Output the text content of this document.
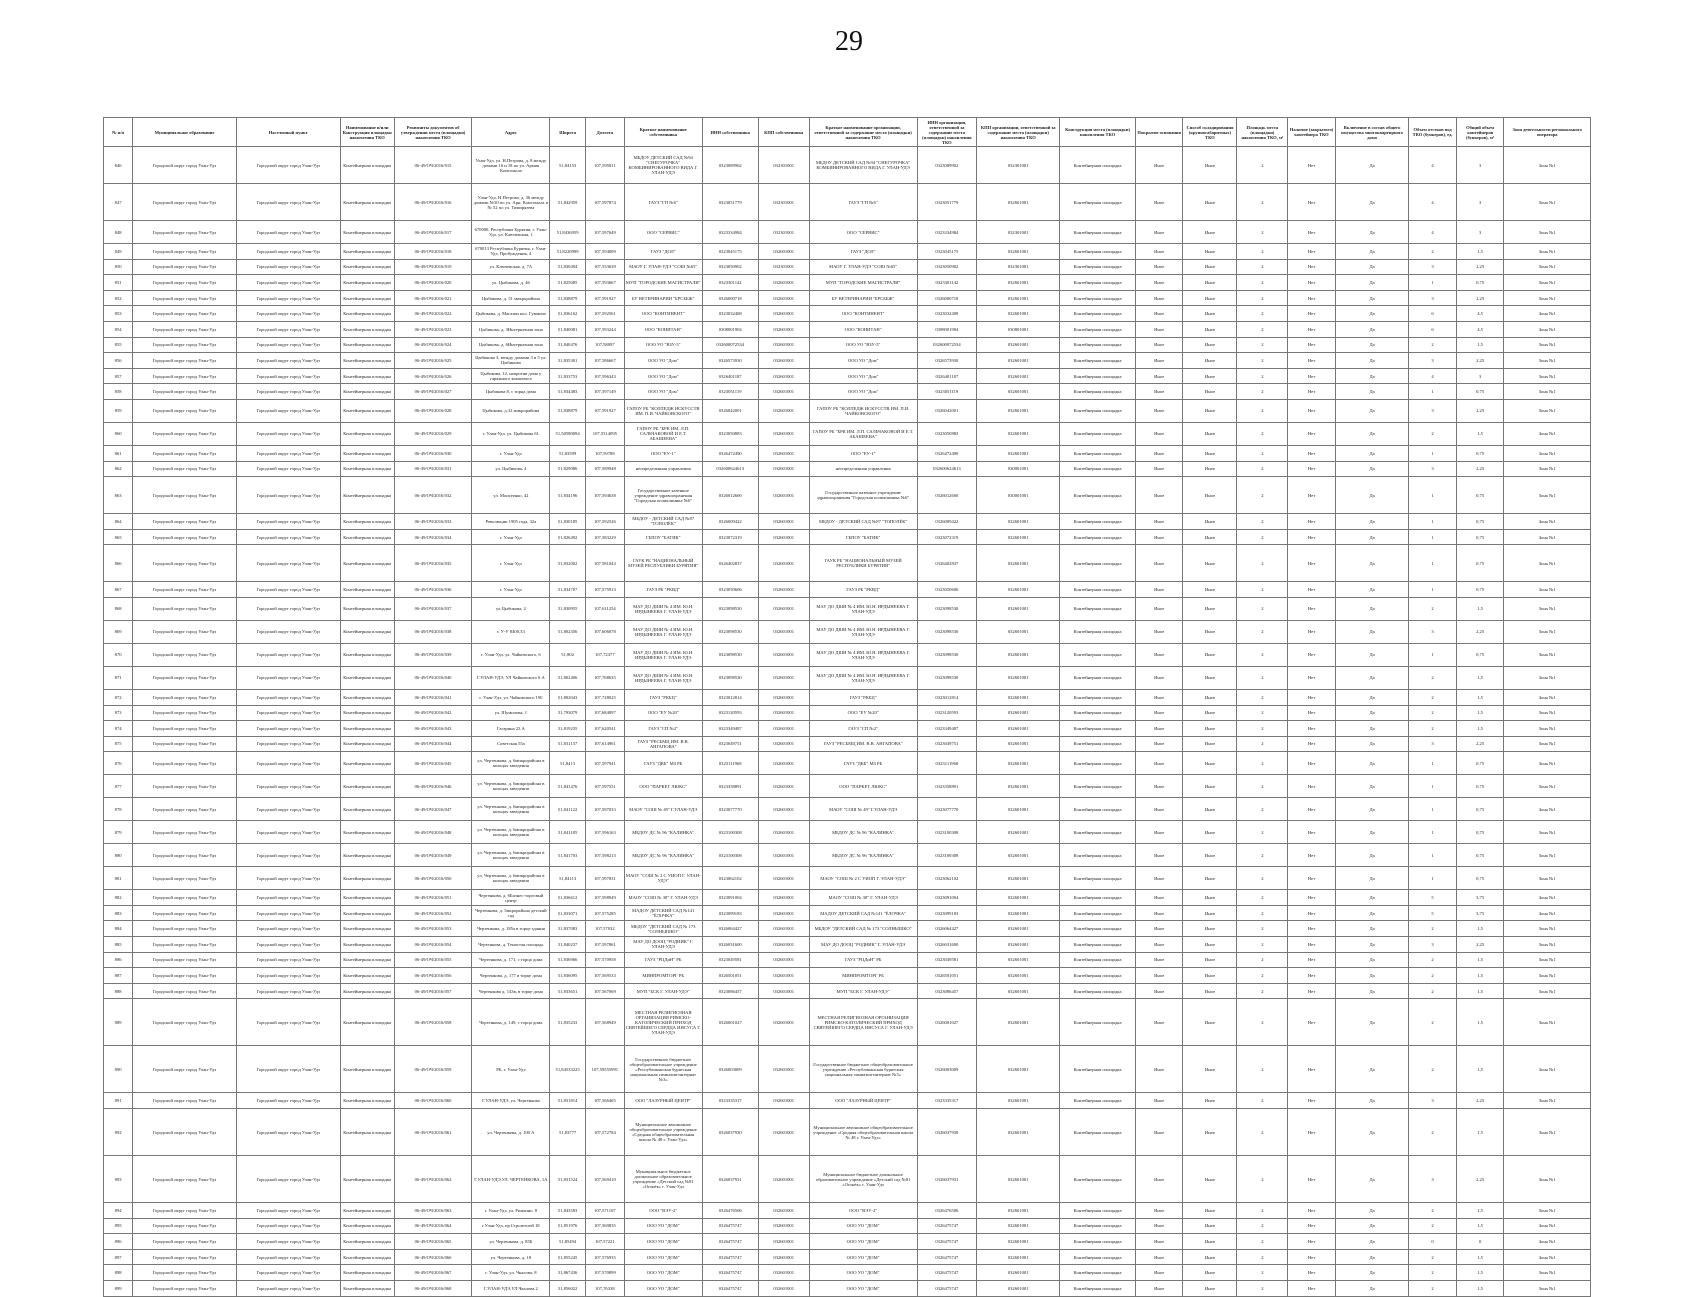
29
№ п/п	Муниципальное образование	Населенный пункт	Наименование и/или Конструкция площадки накопления ТКО	Реквизиты документов об утверждении места (площадки) накопления ТКО	Адрес	Широта	Долгота	Краткое наименование собственника	ИНН собственника	КПП собственника	Краткое наименование организации, ответственной за содержание места (площадки) накопления ТКО	ИНН организации, ответственной за содержание места (площадки) накопления ТКО	КПП организации, ответственной за содержание места (площадки) накопления ТКО	Конструкция места (площадки) накопления ТКО	Покрытие основания	Способ складирования (крупногабаритных) ТКО	Площадь места (площадки) накопления ТКО, м²	Наличие (закрытого) контейнера ТКО	Включение в состав общего имущества многоквартирного дома	Объем отсеков под ТКО (бункеров), ед.	Общий объем контейнеров (бункеров), м³	Зона деятельности регионального оператора
846	Городской округ город Улан-Удэ	Городской округ город Улан-Удэ	Контейнерная площадка	06-49/ОЧ/2016/015	Улан-Удэ, ул. Н.Петрова, д. 8 между домами 16 и 18 по ул. Армия Комсомола	51,84153	107,595811	МБДОУ ДЕТСКИЙ САД №94 "СНЕГУРОЧКА" КОМБИНИРОВАННОГО ВИДА Г. УЛАН-УДЭ	0323089902	032301001	МБДОУ ДЕТСКИЙ САД №94 "СНЕГУРОЧКА" КОМБИНИРОВАННОГО ВИДА Г. УЛАН-УДЭ	0323089902	032301001	Контейнерная площадка	Иное	Иное	2	Нет	Да	4	3	Зона №1
847	Городской округ город Улан-Удэ	Городской округ город Улан-Удэ	Контейнерная площадка	06-49/ОЧ/2016/016	Улан-Удэ, Н.Петрова, д. 36 между домами №50 по ул. Арн. Комсомола и № 52 по ул. Тимирязева	51,842959	107,597874	ГАУЗ "ГП №6"	0323051779	032301001	ГАУЗ "ГП №6"	0323051779	032601001	Контейнерная площадка	Иное	Иное	2	Нет	Да	4	3	Зона №1
848	Городской округ город Улан-Удэ	Городской округ город Улан-Удэ	Контейнерная площадка	06-49/ОЧ/2016/017	670000, Республика Бурятия, г. Улан-Удэ, ул. Ключевская, 1	51,8436959	107,597649	ООО "СЕРВИС"	0323334984	032301001	ООО "СЕРВИС"	0323334984	032301001	Контейнерная площадка	Иное	Иное	2	Нет	Да	4	3	Зона №1
849	Городской округ город Улан-Удэ	Городской округ город Улан-Удэ	Контейнерная площадка	06-49/ОЧ/2016/018	670013 Республика Бурятия, г. Улан-Удэ, Пробуждения, 4	51,8220999	107,594009	ГАУЗ "ДОЛ"	0323045175	032601001	ГАУЗ "ДОЛ"	0323045175	032601001	Контейнерная площадка	Иное	Иное	2	Нет	Да	2	1,5	Зона №1
850	Городской округ город Улан-Удэ	Городской округ город Улан-Удэ	Контейнерная площадка	06-49/ОЧ/2016/019	ул. Ключевская, д. 7А	51,830494	107,553639	МАОУ Г. УЛАН-УДЭ "СОШ №65"	0323050902	032301001	МАОУ Г. УЛАН-УДЭ "СОШ №65"	0323050902	032301001	Контейнерная площадка	Иное	Иное	2	Нет	Да	3	2,25	Зона №1
851	Городской округ город Улан-Удэ	Городской округ город Улан-Удэ	Контейнерная площадка	06-49/ОЧ/2016/020	ул. Цыбикова, д. 46	51,825085	107,593667	МУП "ГОРОДСКИЕ МАГИСТРАЛИ"	0323301142	032601001	МУП "ГОРОДСКИЕ МАГИСТРАЛИ"	0323301142	032601001	Контейнерная площадка	Иное	Иное	2	Нет	Да	1	0,75	Зона №1
852	Городской округ город Улан-Удэ	Городской округ город Улан-Удэ	Контейнерная площадка	06-49/ОЧ/2016/021	Цыбикова, д. 51 микрорайона	51,838879	107,591927	БУ ВЕТЕРИНАРИИ "БРСББЖ"	0326000718	032601001	БУ ВЕТЕРИНАРИИ "БРСББЖ"	0326000718	032601001	Контейнерная площадка	Иное	Иное	2	Нет	Да	3	2,25	Зона №1
853	Городской округ город Улан-Удэ	Городской округ город Улан-Удэ	Контейнерная площадка	06-49/ОЧ/2016/022	Цыбикова, д. Магазин кол. Гуммиле	51,836162	107,592561	ООО "КОНТИНЕНТ"	0323032408	032601001	ООО "КОНТИНЕНТ"	0323032408	032601001	Контейнерная площадка	Иное	Иное	2	Нет	Да	6	4,5	Зона №1
854	Городской округ город Улан-Удэ	Городской округ город Улан-Удэ	Контейнерная площадка	06-49/ОЧ/2016/023	Цыбикова, д. 3Интернатная зона	51,840081	107,593244	ООО "КОНИТАН"	0308001904	032601001	ООО "КОНИТАН"	0308001904	030801001	Контейнерная площадка	Иное	Иное	2	Нет	Да	6	4,5	Зона №1
855	Городской округ город Улан-Удэ	Городской округ город Улан-Удэ	Контейнерная площадка	06-49/ОЧ/2016/024	Цыбикова, д. 6Интернатная зона	51,840476	107,58097	ООО УО "ВЗУ-5"	032600072534	032601001	ООО УО "ВЗУ-5"	032600072534	032601001	Контейнерная площадка	Иное	Иное	2	Нет	Да	2	1,5	Зона №1
856	Городской округ город Улан-Удэ	Городской округ город Улан-Удэ	Контейнерная площадка	06-49/ОЧ/2016/025	Цыбикова 3, между домами 3 и 5 ул. Цыбикова	51,835301	107,586667	ООО УО "Дом"	0326573930	032601001	ООО УО "Дом"	0326573930	032601001	Контейнерная площадка	Иное	Иное	2	Нет	Да	3	2,25	Зона №1
857	Городской округ город Улан-Удэ	Городской округ город Улан-Удэ	Контейнерная площадка	06-49/ОЧ/2016/026	Цыбикова, 12, напротив дома у гаражного комплекса	51,833753	107,596343	ООО УО "Дом"	0326401187	032601001	ООО УО "Дом"	0326401187	032601001	Контейнерная площадка	Иное	Иное	2	Нет	Да	4	3	Зона №1
858	Городской округ город Улан-Удэ	Городской округ город Улан-Удэ	Контейнерная площадка	06-49/ОЧ/2016/027	Цыбикова 8, с торца дома	51,834483	107,597149	ООО УО "Дом"	0323051119	032601001	ООО УО "Дом"	0323051119	032601001	Контейнерная площадка	Иное	Иное	2	Нет	Да	1	0,75	Зона №1
859	Городской округ город Улан-Удэ	Городской округ город Улан-Удэ	Контейнерная площадка	06-49/ОЧ/2016/028	Цыбикова, д.32 микрорайона	51,838879	107,591927	ГАПОУ РБ "КОЛЛЕДЖ ИСКУССТВ ИМ. П.И. ЧАЙКОВСКОГО"	0326042001	032601001	ГАПОУ РБ "КОЛЛЕДЖ ИСКУССТВ ИМ. П.И. ЧАЙКОВСКОГО"	0326042001	032601001	Контейнерная площадка	Иное	Иное	2	Нет	Да	3	2,25	Зона №1
860	Городской округ город Улан-Удэ	Городской округ город Улан-Удэ	Контейнерная площадка	06-49/ОЧ/2016/029	г. Улан-Удэ, ул. Цыбикова 61	51,50580094	107,5514095	ГАПОУ РБ "БРК ИМ. Л.П. САЛЬЧАКОВОЙ И Е.Т. АБАШЕЕВА"	0323050883	032601001	ГАПОУ РБ "БРК ИМ. Л.П. САЛЬЧАКОВОЙ И Е.Т. АБАШЕЕВА"	0323050883	032601001	Контейнерная площадка	Иное	Иное	2	Нет	Да	2	1,5	Зона №1
861	Городской округ город Улан-Удэ	Городской округ город Улан-Удэ	Контейнерная площадка	06-49/ОЧ/2016/030	г. Улан-Удэ	51,83599	107,59788	ООО "ЕУ-1"	0326472490	032601001	ООО "ЕУ-1"	0326472490	032601001	Контейнерная площадка	Иное	Иное	2	Нет	Да	1	0,75	Зона №1
862	Городской округ город Улан-Удэ	Городской округ город Улан-Удэ	Контейнерная площадка	06-49/ОЧ/2016/031	ул. Цыбикова, 4	51,829086	107,589948	неопределенная управления	032600624613	032601001	неопределенная управления	032600624613	030001001	Контейнерная площадка	Иное	Иное	2	Нет	Да	3	2,25	Зона №1
863	Городской округ город Улан-Удэ	Городской округ город Улан-Удэ	Контейнерная площадка	06-49/ОЧ/2016/032	ул. Моисеенко, 42	51,834196	107,594638	Государственное казенное учреждение здравоохранения "Городская поликлиника №6"	0326012600	032601001	Государственное казенное учреждение здравоохранения "Городская поликлиника №6"	0326012600	030001001	Контейнерная площадка	Иное	Иное	2	Нет	Да	1	0,75	Зона №1
864	Городской округ город Улан-Удэ	Городской округ город Улан-Удэ	Контейнерная площадка	06-49/ОЧ/2016/033	Революции 1905 года, 32а	51,830185	107,592526	МБДОУ - ДЕТСКИЙ САД №87 "ТОПОЛЁК"	0326009422	032601001	МБДОУ - ДЕТСКИЙ САД №87 "ТОПОЛЁК"	0326009422	032601001	Контейнерная площадка	Иное	Иное	2	Нет	Да	1	0,75	Зона №1
865	Городской округ город Улан-Удэ	Городской округ город Улан-Удэ	Контейнерная площадка	06-49/ОЧ/2016/034	г. Улан-Удэ	51,826492	107,583229	ГБПОУ "БАТИК"	0323072319	032601001	ГБПОУ "БАТИК"	0323072319	032601001	Контейнерная площадка	Иное	Иное	2	Нет	Да	1	0,75	Зона №1
866	Городской округ город Улан-Удэ	Городской округ город Улан-Удэ	Контейнерная площадка	06-49/ОЧ/2016/035	г. Улан-Удэ	51,832002	107,581043	ГАУК РБ "НАЦИОНАЛЬНЫЙ МУЗЕЙ РЕСПУБЛИКИ БУРЯТИЯ"	0326402837	032601001	ГАУК РБ "НАЦИОНАЛЬНЫЙ МУЗЕЙ РЕСПУБЛИКИ БУРЯТИЯ"	0326402837	032601001	Контейнерная площадка	Иное	Иное	2	Нет	Да	1	0,75	Зона №1
867	Городской округ город Улан-Удэ	Городской округ город Улан-Удэ	Контейнерная площадка	06-49/ОЧ/2016/036	г. Улан-Удэ	51,834707	107,575913	ГАУЗ РБ "РКВД"	0323050606	032601001	ГАУЗ РБ "РКВД"	0323050606	032601001	Контейнерная площадка	Иное	Иное	2	Нет	Да	1	0,75	Зона №1
868	Городской округ город Улан-Удэ	Городской округ город Улан-Удэ	Контейнерная площадка	06-49/ОЧ/2016/037	ул.Цыбикова, 2	51,830955	107,611254	МАУ ДО ДШИ № 4 ИМ. Ю.Н. ИРДЫНЕЕВА Г. УЛАН-УДЭ	0323098530	032601001	МАУ ДО ДШИ № 4 ИМ. Ю.Н. ИРДЫНЕЕВА Г. УЛАН-УДЭ	0323098530	032601001	Контейнерная площадка	Иное	Иное	2	Нет	Да	2	1,5	Зона №1
869	Городской округ город Улан-Удэ	Городской округ город Улан-Удэ	Контейнерная площадка	06-49/ОЧ/2016/038	г. У-У 8400,33	51,802356	107,606078	МАУ ДО ДШИ № 4 ИМ. Ю.Н. ИРДЫНЕЕВА Г. УЛАН-УДЭ	0323098530	032601001	МАУ ДО ДШИ № 4 ИМ. Ю.Н. ИРДЫНЕЕВА Г. УЛАН-УДЭ	0323098530	032601001	Контейнерная площадка	Иное	Иное	2	Нет	Да	3	2,25	Зона №1
870	Городской округ город Улан-Удэ	Городской округ город Улан-Удэ	Контейнерная площадка	06-49/ОЧ/2016/039	г. Улан-Удэ, ул. Чайковского, 6	51,802	107,72377	МАУ ДО ДШИ № 4 ИМ. Ю.Н. ИРДЫНЕЕВА Г. УЛАН-УДЭ	0323098530	032601001	МАУ ДО ДШИ № 4 ИМ. Ю.Н. ИРДЫНЕЕВА Г. УЛАН-УДЭ	0323098530	032601001	Контейнерная площадка	Иное	Иное	2	Нет	Да	1	0,75	Зона №1
871	Городской округ город Улан-Удэ	Городской округ город Улан-Удэ	Контейнерная площадка	06-49/ОЧ/2016/040	Г.УЛАН-УДЭ, УЛ Чайковского 6 А	51,802406	107,768635	МАУ ДО ДШИ № 4 ИМ. Ю.Н. ИРДЫНЕЕВА Г. УЛАН-УДЭ	0323098530	032601001	МАУ ДО ДШИ № 4 ИМ. Ю.Н. ИРДЫНЕЕВА Г. УЛАН-УДЭ	0323098530	032601001	Контейнерная площадка	Иное	Иное	2	Нет	Да	2	1,5	Зона №1
872	Городской округ город Улан-Удэ	Городской округ город Улан-Удэ	Контейнерная площадка	06-49/ОЧ/2016/041	г. Улан-Удэ, ул. Чайковского 190	51,802043	107,728025	ГАУЗ "РКБЦ"	0323012814	032601001	ГАУЗ "РКБЦ"	0323012814	032601001	Контейнерная площадка	Иное	Иное	2	Нет	Да	2	1,5	Зона №1
873	Городской округ город Улан-Удэ	Городской округ город Улан-Удэ	Контейнерная площадка	06-49/ОЧ/2016/042	ул. Шумилова, 1	51,793079	107,684097	ООО "ЕУ №20"	0323120593	032601001	ООО "ЕУ №20"	0323120593	032601001	Контейнерная площадка	Иное	Иное	2	Нет	Да	2	1,5	Зона №1
874	Городской округ город Улан-Удэ	Городской округ город Улан-Удэ	Контейнерная площадка	06-49/ОЧ/2016/043	Гагарина 23 А	51,819235	107,620541	ГАУЗ "СП №2"	0323349487	032601001	ГАУЗ "СП №2"	0323349487	032601001	Контейнерная площадка	Иное	Иное	2	Нет	Да	2	1,5	Зона №1
875	Городской округ город Улан-Удэ	Городской округ город Улан-Удэ	Контейнерная площадка	06-49/ОЧ/2016/044	Советская 55а	51,831137	107,614961	ГАУЗ "РЕСБМЦ ИМ. В.В. АНГАПОВА"	0323049751	032601001	ГАУЗ "РЕСБМЦ ИМ. В.В. АНГАПОВА"	0323049751	032601001	Контейнерная площадка	Иное	Иное	2	Нет	Да	3	2,25	Зона №1
876	Городской округ город Улан-Удэ	Городской округ город Улан-Удэ	Контейнерная площадка	06-49/ОЧ/2016/045	ул. Чертенкова, д. 6микрорайона в кольцах заведения	51,8413	107,597941	ГАУЗ "ДКБ" МЗ РБ	0323111968	032601001	ГАУЗ "ДКБ" МЗ РБ	0323111968	032601001	Контейнерная площадка	Иное	Иное	2	Нет	Да	1	0,75	Зона №1
877	Городской округ город Улан-Удэ	Городской округ город Улан-Удэ	Контейнерная площадка	06-49/ОЧ/2016/046	ул. Чертенкова, д. 6микрорайона в кольцах заведения	51,841476	107,597551	ООО "ПАРКЕТ ЛЮКС"	0323358891	032601001	ООО "ПАРКЕТ ЛЮКС"	0323358891	032601001	Контейнерная площадка	Иное	Иное	2	Нет	Да	1	0,75	Зона №1
878	Городской округ город Улан-Удэ	Городской округ город Улан-Удэ	Контейнерная площадка	06-49/ОЧ/2016/047	ул. Чертенкова, д. 6микрорайона в кольцах заведения	51,841122	107,597033	МАОУ "СОШ № 49" Г.УЛАН-УДЭ	0323077770	032601001	МАОУ "СОШ № 49" Г.УЛАН-УДЭ	0323077770	032601001	Контейнерная площадка	Иное	Иное	2	Нет	Да	1	0,75	Зона №1
879	Городской округ город Улан-Удэ	Городской округ город Улан-Удэ	Контейнерная площадка	06-49/ОЧ/2016/048	ул. Чертенкова, д. 6микрорайона в кольцах заведения	51,841185	107,596163	МБДОУ ДС № 96 "КАЛИНКА"	0323100308	032601001	МБДОУ ДС № 96 "КАЛИНКА"	0323100308	032601001	Контейнерная площадка	Иное	Иное	2	Нет	Да	1	0,75	Зона №1
880	Городской округ город Улан-Удэ	Городской округ город Улан-Удэ	Контейнерная площадка	06-49/ОЧ/2016/049	ул. Чертенкова, д. 6микрорайона в кольцах заведения	51,841703	107,598213	МБДОУ ДС № 96 "КАЛИНКА"	0323100308	032601001	МБДОУ ДС № 96 "КАЛИНКА"	0323100308	032601001	Контейнерная площадка	Иное	Иное	2	Нет	Да	1	0,75	Зона №1
881	Городской округ город Улан-Удэ	Городской округ город Улан-Удэ	Контейнерная площадка	06-49/ОЧ/2016/050	ул. Чертенкова, д. 6микрорайона в кольцах заведения	51,84113	107,597831	МАОУ "СОШ № 2 С УИОП Г. УЛАН-УДЭ"	0323062102	032601001	МАОУ "СОШ № 2 С УИОП Г. УЛАН-УДЭ"	0323062102	032601001	Контейнерная площадка	Иное	Иное	2	Нет	Да	1	0,75	Зона №1
882	Городской округ город Улан-Удэ	Городской округ город Улан-Удэ	Контейнерная площадка	06-49/ОЧ/2016/051	Чертенкова, д. 6Бизнес-торговый центр	51,836612	107,598949	МАОУ "СОШ № 38" Г. УЛАН-УДЭ	0323091004	032601001	МАОУ "СОШ № 38" Г. УЛАН-УДЭ	0323091004	032601001	Контейнерная площадка	Иное	Иное	2	Нет	Да	5	3,75	Зона №1
883	Городской округ город Улан-Удэ	Городской округ город Улан-Удэ	Контейнерная площадка	06-49/ОЧ/2016/052	Чертенкова, д. 5мкрорайона детский сад	51,833071	107,575285	МАДОУ ДЕТСКИЙ САД №141 "ЁЛОЧКА"	0323099183	032601001	МАДОУ ДЕТСКИЙ САД №141 "ЁЛОЧКА"	0323099183	032601001	Контейнерная площадка	Иное	Иное	2	Нет	Да	5	3,75	Зона №1
884	Городской округ город Улан-Удэ	Городской округ город Улан-Удэ	Контейнерная площадка	06-49/ОЧ/2016/053	Чертенкова, д. 185а в торце здания	51,837083	107,57032	МБДОУ "ДЕТСКИЙ САД № 173 "СОЛНЫШКО"	0326064427	032601001	МБДОУ "ДЕТСКИЙ САД № 173 "СОЛНЫШКО"	0326064427	032601001	Контейнерная площадка	Иное	Иное	2	Нет	Да	2	1,5	Зона №1
885	Городской округ город Улан-Удэ	Городской округ город Улан-Удэ	Контейнерная площадка	06-49/ОЧ/2016/054	Чертенкова, д. Тенистая площадь	51,840237	107,597861	МАУ ДО ДООЦ "РОДНИК" Г. УЛАН-УДЭ	0326031600	032601001	МАУ ДО ДООЦ "РОДНИК" Г. УЛАН-УДЭ	0326031600	032601001	Контейнерная площадка	Иное	Иное	2	Нет	Да	3	2,25	Зона №1
886	Городской округ город Улан-Удэ	Городской округ город Улан-Удэ	Контейнерная площадка	06-49/ОЧ/2016/055	Чертенкова, д. 171, с торца дома	51,836966	107,570958	ГАУЗ "РЦДиН" РБ	0323049581	032601001	ГАУЗ "РЦДиН" РБ	0323049581	032601001	Контейнерная площадка	Иное	Иное	2	Нет	Да	2	1,5	Зона №1
887	Городской округ город Улан-Удэ	Городской округ город Улан-Удэ	Контейнерная площадка	06-49/ОЧ/2016/056	Чертенкова, д. 177 в торце дома	51,836095	107,569533	МИНПРОМТОРГ РБ	0326501051	032601001	МИНПРОМТОРГ РБ	0326501051	032601001	Контейнерная площадка	Иное	Иное	2	Нет	Да	2	1,5	Зона №1
888	Городской округ город Улан-Удэ	Городской округ город Улан-Удэ	Контейнерная площадка	06-49/ОЧ/2016/057	Чертенкова д. 143в, в торце дома	51,833651	107,567069	МУП "БСК Г. УЛАН-УДЭ"	0323086457	032601001	МУП "БСК Г. УЛАН-УДЭ"	0323086457	032601001	Контейнерная площадка	Иное	Иное	2	Нет	Да	2	1,5	Зона №1
889	Городской округ город Улан-Удэ	Городской округ город Улан-Удэ	Контейнерная площадка	06-49/ОЧ/2016/058	Чертенкова, д. 149, с торца дома	51,835233	107,568949	МЕСТНАЯ РЕЛИГИОЗНАЯ ОРГАНИЗАЦИЯ РИМСКО-КАТОЛИЧЕСКИЙ ПРИХОД СВЯТЕЙШЕГО СЕРДЦА ИИСУСА Г. УЛАН-УДЭ	0326001027	032601001	МЕСТНАЯ РЕЛИГИОЗНАЯ ОРГАНИЗАЦИЯ РИМСКО-КАТОЛИЧЕСКИЙ ПРИХОД СВЯТЕЙШЕГО СЕРДЦА ИИСУСА Г. УЛАН-УДЭ	0326001027	032601001	Контейнерная площадка	Иное	Иное	2	Нет	Да	2	1,5	Зона №1
890	Городской округ город Улан-Удэ	Городской округ город Улан-Удэ	Контейнерная площадка	06-49/ОЧ/2016/059	РБ, г. Улан-Удэ	51,84533225	107,59555991	Государственное бюджетное общеобразовательное учреждение «Республиканская бурятская национальная гимназия-интернат №3»	0326003009	032601001	Государственное бюджетное общеобразовательное учреждение «Республиканская бурятская национальная гимназия-интернат №3»	0326003009	032601001	Контейнерная площадка	Иное	Иное	2	Нет	Да	2	1,5	Зона №1
891	Городской округ город Улан-Удэ	Городской округ город Улан-Удэ	Контейнерная площадка	06-49/ОЧ/2016/060	Г.УЛАН-УДЭ, ул. Чертенкова	51,831814	107,566465	ООО "ЛАЗУРНЫЙ ЦЕНТР"	0323335317	032601001	ООО "ЛАЗУРНЫЙ ЦЕНТР"	0323335317	032601001	Контейнерная площадка	Иное	Иное	2	Нет	Да	3	2,25	Зона №1
892	Городской округ город Улан-Удэ	Городской округ город Улан-Удэ	Контейнерная площадка	06-49/ОЧ/2016/061	ул. Чертенкова, д. 100 А	51,83777	107,572784	Муниципальное автономное общеобразовательное учреждение «Средняя общеобразовательная школа № 48 г. Улан-Удэ»	0326037930	032601001	Муниципальное автономное общеобразовательное учреждение «Средняя общеобразовательная школа № 48 г. Улан-Удэ»	0326037930	032601001	Контейнерная площадка	Иное	Иное	2	Нет	Да	2	1,5	Зона №1
893	Городской округ город Улан-Удэ	Городской округ город Улан-Удэ	Контейнерная площадка	06-49/ОЧ/2016/062	Г.УЛАН-УДЭ,УЛ. ЧЕРТЕНКОВА, 1А	51,831524	107,569410	Муниципальное бюджетное дошкольное образовательное учреждение «Детский сад №81 «Огонёк» г. Улан-Удэ	0326037931	032601001	Муниципальное бюджетное дошкольное образовательное учреждение «Детский сад №81 «Огонёк» г. Улан-Удэ	0326037931	032601001	Контейнерная площадка	Иное	Иное	2	Нет	Да	3	2,25	Зона №1
894	Городской округ город Улан-Удэ	Городской округ город Улан-Удэ	Контейнерная площадка	06-49/ОЧ/2016/063	г. Улан-Удэ, ул. Ринчино, 8	51,843583	107,571107	ООО "ВЭУ-2"	0326476506	032601001	ООО "ВЭУ-2"	0326476506	032601001	Контейнерная площадка	Иное	Иное	2	Нет	Да	2	1,5	Зона №1
895	Городской округ город Улан-Удэ	Городской округ город Улан-Удэ	Контейнерная площадка	06-49/ОЧ/2016/064	г.Улан-Удэ, пр.Строителей 18	51,851976	107,569835	ООО УО "ДОМ"	0326475747	032601001	ООО УО "ДОМ"	0326475747	032601001	Контейнерная площадка	Иное	Иное	2	Нет	Да	2	1,5	Зона №1
896	Городской округ город Улан-Удэ	Городской округ город Улан-Удэ	Контейнерная площадка	06-49/ОЧ/2016/065	ул. Чертенкова, д. 85Б	51,85494	107,57221	ООО УО "ДОМ"	0326475747	032601001	ООО УО "ДОМ"	0326475747	032601001	Контейнерная площадка	Иное	Иное	2	Нет	Да	0	0	Зона №1
897	Городской округ город Улан-Удэ	Городской округ город Улан-Удэ	Контейнерная площадка	06-49/ОЧ/2016/066	ул. Чертенкова, д. 18	51,855245	107,576935	ООО УО "ДОМ"	0326475747	032601001	ООО УО "ДОМ"	0326475747	032601001	Контейнерная площадка	Иное	Иное	2	Нет	Да	2	1,5	Зона №1
898	Городской округ город Улан-Удэ	Городской округ город Улан-Удэ	Контейнерная площадка	06-49/ОЧ/2016/067	г. Улан-Удэ, ул. Чкалова, 8	51,867436	107,570899	ООО УО "ДОМ"	0326475747	032601001	ООО УО "ДОМ"	0326475747	032601001	Контейнерная площадка	Иное	Иное	2	Нет	Да	2	1,5	Зона №1
899	Городской округ город Улан-Удэ	Городской округ город Улан-Удэ	Контейнерная площадка	06-49/ОЧ/2016/068	Г.УЛАН-УДЭ,УЛ.Чкалова 2	51,856022	107,76338	ООО УО "ДОМ"	0326475747	032601001	ООО УО "ДОМ"	0326475747	032601001	Контейнерная площадка	Иное	Иное	2	Нет	Да	2	1,5	Зона №1
